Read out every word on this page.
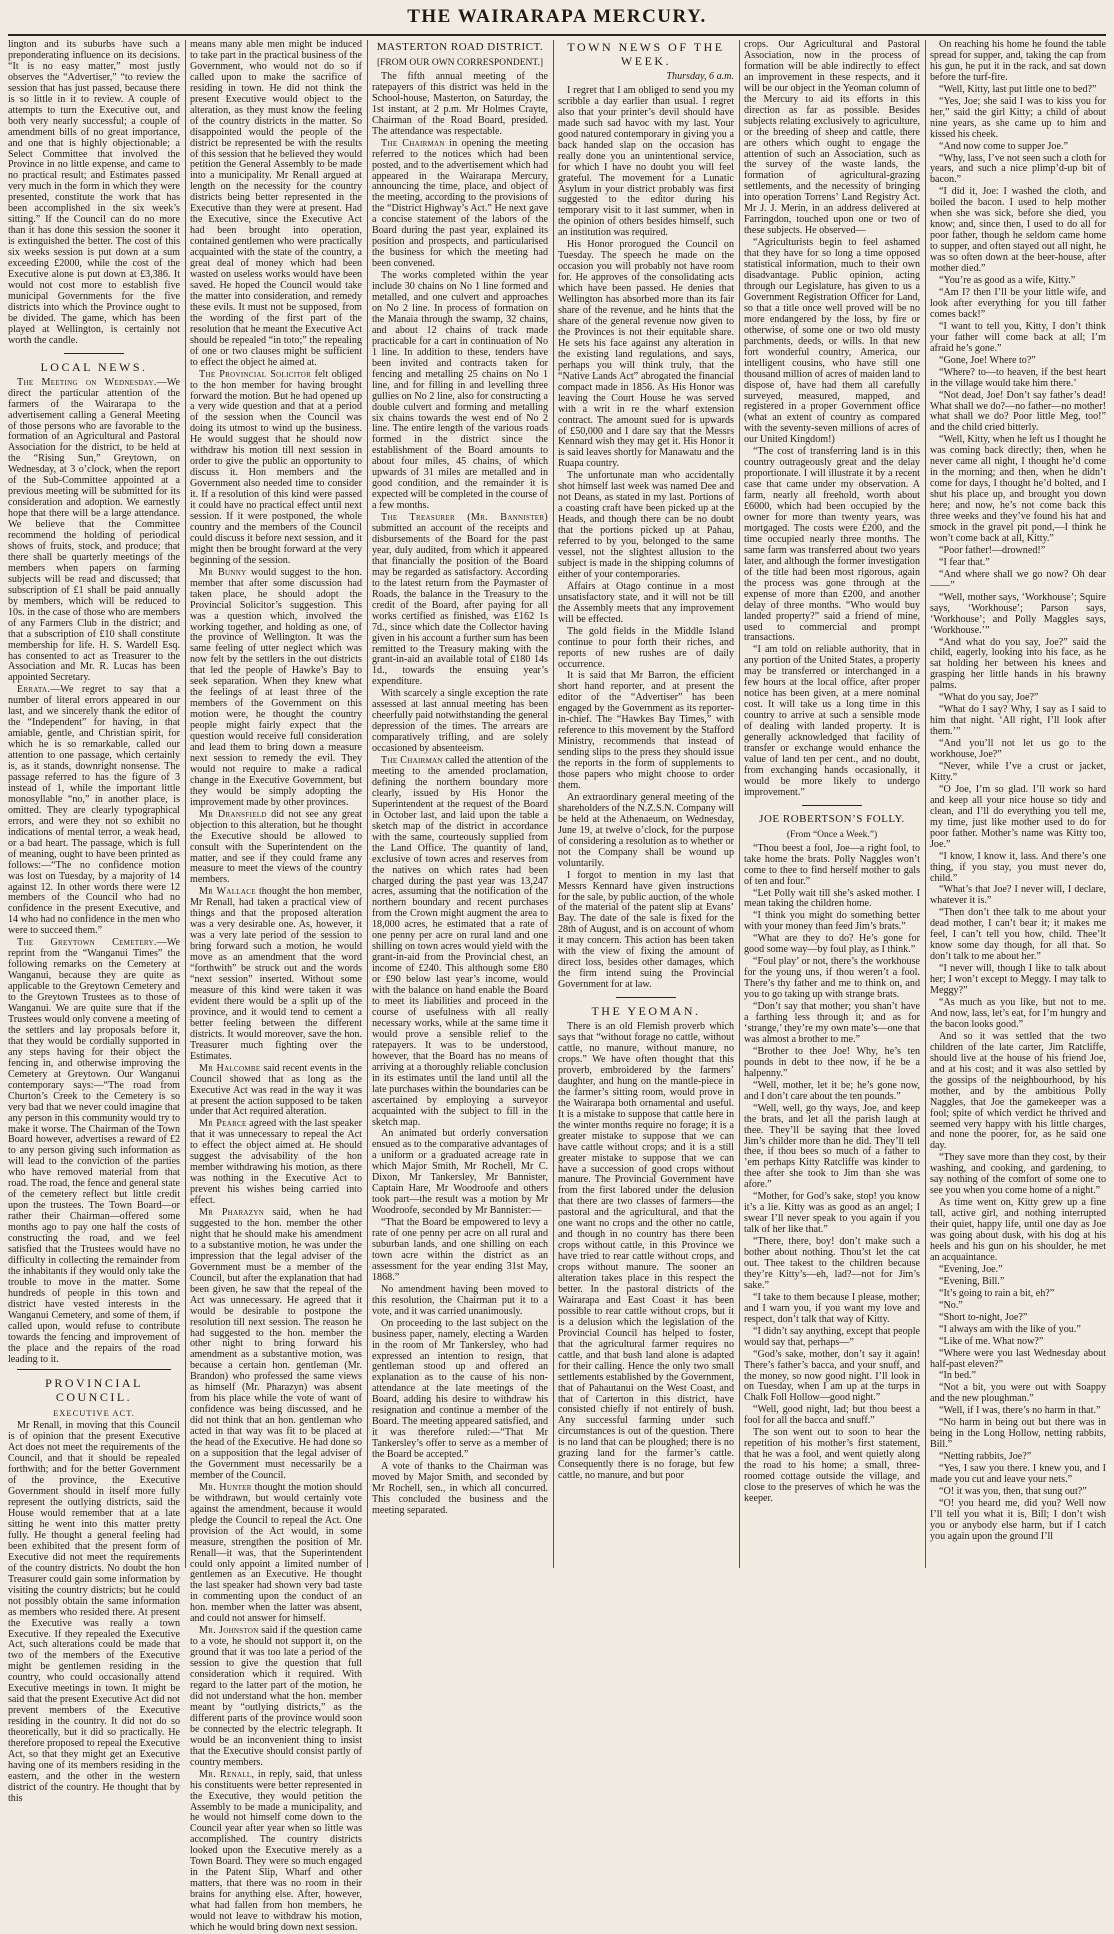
THE WAIRARAPA MERCURY.

lington and its suburbs have such a preponderating influence on its decisions. “It is no easy matter,” most justly observes the “Advertiser,” “to review the session that has just passed, because there is so little in it to review. A couple of attempts to turn the Executive out, and both very nearly successful; a couple of amendment bills of no great importance, and one that is highly objectionable; a Select Committee that involved the Province in no little expense, and came to no practical result; and Estimates passed very much in the form in which they were presented, constitute the work that has been accomplished in the six week’s sitting.” If the Council can do no more than it has done this session the sooner it is extinguished the better. The cost of this six weeks session is put down at a sum exceeding £2000, while the cost of the Executive alone is put down at £3,386. It would not cost more to establish five municipal Governments for the five districts into which the Province ought to be divided. The game, which has been played at Wellington, is certainly not worth the candle.

LOCAL NEWS.

The Meeting on Wednesday.—We direct the particular attention of the farmers of the Wairarapa to the advertisement calling a General Meeting of those persons who are favorable to the formation of an Agricultural and Pastoral Association for the district, to be held at the “Rising Sun,” Greytown, on Wednesday, at 3 o’clock, when the report of the Sub-Committee appointed at a previous meeting will be submitted for its consideration and adoption. We earnestly hope that there will be a large attendance. We believe that the Committee recommend the holding of periodical shows of fruits, stock, and produce; that there shall be quarterly meetings of the members when papers on farming subjects will be read and discussed; that subscription of £1 shall be paid annually by members, which will be reduced to 10s. in the case of those who are members of any Farmers Club in the district; and that a subscription of £10 shall constitute membership for life. H. S. Wardell Esq. has consented to act as Treasurer to the Association and Mr. R. Lucas has been appointed Secretary.

Errata.—We regret to say that a number of literal errors appeared in our last, and we sincerely thank the editor of the “Independent” for having, in that amiable, gentle, and Christian spirit, for which he is so remarkable, called our attention to one passage, which certainly is, as it stands, downright nonsense. The passage referred to has the figure of 3 instead of 1, while the important little monosyllable “no,” in another place, is omitted. They are clearly typographical errors, and were they not so exhibit no indications of mental terror, a weak head, or a bad heart. The passage, which is full of meaning, ought to have been printed as follows:—“The no confidence motion was lost on Tuesday, by a majority of 14 against 12. In other words there were 12 members of the Council who had no confidence in the present Executive, and 14 who had no confidence in the men who were to succeed them.”

The Greytown Cemetery.—We reprint from the “Wanganui Times” the following remarks on the Cemetery at Wanganui, because they are quite as applicable to the Greytown Cemetery and to the Greytown Trustees as to those of Wanganui. We are quite sure that if the Trustees would only convene a meeting of the settlers and lay proposals before it, that they would be cordially supported in any steps having for their object the fencing in, and otherwise improving the Cemetery at Greytown. Our Wanganui contemporary says:—“The road from Churton’s Creek to the Cemetery is so very bad that we never could imagine that any person in this community would try to make it worse. The Chairman of the Town Board however, advertises a reward of £2 to any person giving such information as will lead to the conviction of the parties who have removed material from that road. The road, the fence and general state of the cemetery reflect but little credit upon the trustees. The Town Board—or rather their Chairman—offered some months ago to pay one half the costs of constructing the road, and we feel satisfied that the Trustees would have no difficulty in collecting the remainder from the inhabitants if they would only take the trouble to move in the matter. Some hundreds of people in this town and district have vested interests in the Wanganui Cemetery, and some of them, if called upon, would refuse to contribute towards the fencing and improvement of the place and the repairs of the road leading to it.

PROVINCIAL COUNCIL.
EXECUTIVE ACT.

Mr Renall, in moving that this Council is of opinion that the present Executive Act does not meet the requirements of the Council, and that it should be repealed forthwith; and for the better Government of the province, the Executive Government should in itself more fully represent the outlying districts, said the House would remember that at a late sitting he went into this matter pretty fully. He thought a general feeling had been exhibited that the present form of Executive did not meet the requirements of the country districts. No doubt the hon Treasurer could gain some information by visiting the country districts; but he could not possibly obtain the same information as members who resided there. At present the Executive was really a town Executive. If they repealed the Executive Act, such alterations could be made that two of the members of the Executive might be gentlemen residing in the country, who could occasionally attend Executive meetings in town. It might be said that the present Executive Act did not prevent members of the Executive residing in the country. It did not do so theoretically, but it did so practically. He therefore proposed to repeal the Executive Act, so that they might get an Executive having one of its members residing in the eastern, and the other in the western district of the country. He thought that by this

means many able men might be induced to take part in the practical business of the Government, who would not do so if called upon to make the sacrifice of residing in town. He did not think the present Executive would object to the alteration, as they must know the feeling of the country districts in the matter. So disappointed would the people of the district be represented be with the results of this session that he believed they would petition the General Assembly to be made into a municipality. Mr Renall argued at length on the necessity for the country districts being better represented in the Executive than they were at present. Had the Executive, since the Executive Act had been brought into operation, contained gentlemen who were practically acquainted with the state of the country, a great deal of money which had been wasted on useless works would have been saved. He hoped the Council would take the matter into consideration, and remedy these evils. It must not be supposed, from the wording of the first part of the resolution that he meant the Executive Act should be repealed “in toto;” the repealing of one or two clauses might be sufficient to effect the object he aimed at.

The Provincial Solicitor felt obliged to the hon member for having brought forward the motion. But he had opened up a very wide question and that at a period of the session when the Council was doing its utmost to wind up the business. He would suggest that he should now withdraw his motion till next session in order to give the public an opportunity to discuss it. Hon members and the Government also needed time to consider it. If a resolution of this kind were passed it could have no practical effect until next session. If it were postponed, the whole country and the members of the Council could discuss it before next session, and it might then be brought forward at the very beginning of the session.

Mr Bunny would suggest to the hon. member that after some discussion had taken place, he should adopt the Provincial Solicitor’s suggestion. This was a question which, involved the working together, and holding as one, of the province of Wellington. It was the same feeling of utter neglect which was now felt by the settlers in the out districts that led the people of Hawke’s Bay to seek separation. When they knew what the feelings of at least three of the members of the Government on this motion were, he thought the country people might fairly expect that the question would receive full consideration and lead them to bring down a measure next session to remedy the evil. They would not require to make a radical change in the Executive Government, but they would be simply adopting the improvement made by other provinces.

Mr Dransfield did not see any great objection to this alteration, but he thought the Executive should be allowed to consult with the Superintendent on the matter, and see if they could frame any measure to meet the views of the country members.

Mr Wallace thought the hon member, Mr Renall, had taken a practical view of things and that the proposed alteration was a very desirable one. As, however, it was a very late period of the session to bring forward such a motion, he would move as an amendment that the word “forthwith” be struck out and the words “next session” inserted. Without some measure of this kind were taken it was evident there would be a split up of the province, and it would tend to cement a better feeling between the different districts. It would moreover, save the hon. Treasurer much fighting over the Estimates.

Mr Halcombe said recent events in the Council showed that as long as the Executive Act was read in the way it was at present the action supposed to be taken under that Act required alteration.

Mr Pearce agreed with the last speaker that it was unnecessary to repeal the Act to effect the object aimed at. He should suggest the advisability of the hon member withdrawing his motion, as there was nothing in the Executive Act to prevent his wishes being carried into effect.

Mr Pharazyn said, when he had suggested to the hon. member the other night that he should make his amendment to a substantive motion, he was under the impression that the legal adviser of the Government must be a member of the Council, but after the explanation that had been given, he saw that the repeal of the Act was unnecessary. He agreed that it would be desirable to postpone the resolution till next session. The reason he had suggested to the hon. member the other night to bring forward his amendment as a substantive motion, was because a certain hon. gentleman (Mr. Brandon) who professed the same views as himself (Mr. Pharazyn) was absent from his place while the vote of want of confidence was being discussed, and he did not think that an hon. gentleman who acted in that way was fit to be placed at the head of the Executive. He had done so on a supposition that the legal adviser of the Government must necessarily be a member of the Council.

Mr. Hunter thought the motion should be withdrawn, but would certainly vote against the amendment, because it would pledge the Council to repeal the Act. One provision of the Act would, in some measure, strengthen the position of Mr. Renall—it was, that the Superintendent could only appoint a limited number of gentlemen as an Executive. He thought the last speaker had shown very bad taste in commenting upon the conduct of an hon. member when the latter was absent, and could not answer for himself.

Mr. Johnston said if the question came to a vote, he should not support it, on the ground that it was too late a period of the session to give the question that full consideration which it required. With regard to the latter part of the motion, he did not understand what the hon. member meant by “outlying districts,” as the different parts of the province would soon be connected by the electric telegraph. It would be an inconvenient thing to insist that the Executive should consist partly of country members.

Mr. Renall, in reply, said, that unless his constituents were better represented in the Executive, they would petition the Assembly to be made a municipality, and he would not himself come down to the Council year after year when so little was accomplished. The country districts looked upon the Executive merely as a Town Board. They were so much engaged in the Patent Slip, Wharf and other matters, that there was no room in their brains for anything else. After, however, what had fallen from hon members, he would not leave to withdraw his motion, which he would bring down next session.

MASTERTON ROAD DISTRICT.
[FROM OUR OWN CORRESPONDENT.]

The fifth annual meeting of the ratepayers of this district was held in the School-house, Masterton, on Saturday, the 1st instant, at 2 p.m. Mr Holmes Crayte, Chairman of the Road Board, presided. The attendance was respectable.

The Chairman in opening the meeting referred to the notices which had been posted, and to the advertisement which had appeared in the Wairarapa Mercury, announcing the time, place, and object of the meeting, according to the provisions of the “District Highway’s Act.” He next gave a concise statement of the labors of the Board during the past year, explained its position and prospects, and particularised the business for which the meeting had been convened.

The works completed within the year include 30 chains on No 1 line formed and metalled, and one culvert and approaches on No 2 line. In process of formation on the Manaia through the swamp, 32 chains, and about 12 chains of track made practicable for a cart in continuation of No 1 line. In addition to these, tenders have been invited and contracts taken for fencing and metalling 25 chains on No 1 line, and for filling in and levelling three gullies on No 2 line, also for constructing a double culvert and forming and metalling six chains towards the west end of No 2 line. The entire length of the various roads formed in the district since the establishment of the Board amounts to about four miles, 45 chains, of which upwards of 31 miles are metalled and in good condition, and the remainder it is expected will be completed in the course of a few months.

The Treasurer (Mr. Bannister) submitted an account of the receipts and disbursements of the Board for the past year, duly audited, from which it appeared that financially the position of the Board may be regarded as satisfactory. According to the latest return from the Paymaster of Roads, the balance in the Treasury to the credit of the Board, after paying for all works certified as finished, was £162 1s 7d., since which date the Collector having given in his account a further sum has been remitted to the Treasury making with the grant-in-aid an available total of £180 14s 1d., towards the ensuing year’s expenditure.

With scarcely a single exception the rate assessed at last annual meeting has been cheerfully paid notwithstanding the general depression of the times. The arrears are comparatively trifling, and are solely occasioned by absenteeism.

The Chairman called the attention of the meeting to the amended proclamation, defining the northern boundary more clearly, issued by His Honor the Superintendent at the request of the Board in October last, and laid upon the table a sketch map of the district in accordance with the same, courteously supplied from the Land Office. The quantity of land, exclusive of town acres and reserves from the natives on which rates had been charged during the past year was 13,247 acres, assuming that the notification of the northern boundary and recent purchases from the Crown might augment the area to 18,000 acres, he estimated that a rate of one penny per acre on rural land and one shilling on town acres would yield with the grant-in-aid from the Provincial chest, an income of £240. This although some £80 or £90 below last year’s income, would with the balance on hand enable the Board to meet its liabilities and proceed in the course of usefulness with all really necessary works, while at the same time it would prove a sensible relief to the ratepayers. It was to be understood, however, that the Board has no means of arriving at a thoroughly reliable conclusion in its estimates until the land until all the late purchases within the boundaries can be ascertained by employing a surveyor acquainted with the subject to fill in the sketch map.

An animated but orderly conversation ensued as to the comparative advantages of a uniform or a graduated acreage rate in which Major Smith, Mr Rochell, Mr C. Dixon, Mr Tankersley, Mr Bannister, Captain Hare, Mr Woodroofe and others took part—the result was a motion by Mr Woodroofe, seconded by Mr Bannister:—

“That the Board be empowered to levy a rate of one penny per acre on all rural and suburban lands, and one shilling on each town acre within the district as an assessment for the year ending 31st May, 1868.”

No amendment having been moved to this resolution, the Chairman put it to a vote, and it was carried unanimously.

On proceeding to the last subject on the business paper, namely, electing a Warden in the room of Mr Tankersley, who had expressed an intention to resign, that gentleman stood up and offered an explanation as to the cause of his non-attendance at the late meetings of the Board, adding his desire to withdraw his resignation and continue a member of the Board. The meeting appeared satisfied, and it was therefore ruled:—“That Mr Tankersley’s offer to serve as a member of the Board be accepted.”

A vote of thanks to the Chairman was moved by Major Smith, and seconded by Mr Rochell, sen., in which all concurred. This concluded the business and the meeting separated.

TOWN NEWS OF THE WEEK.
Thursday, 6 a.m.

I regret that I am obliged to send you my scribble a day earlier than usual. I regret also that your printer’s devil should have made such sad havoc with my last. Your good natured contemporary in giving you a back handed slap on the occasion has really done you an unintentional service, for which I have no doubt you will feel grateful. The movement for a Lunatic Asylum in your district probably was first suggested to the editor during his temporary visit to it last summer, when in the opinion of others besides himself, such an institution was required.

His Honor prorogued the Council on Tuesday. The speech he made on the occasion you will probably not have room for. He approves of the consolidating acts which have been passed. He denies that Wellington has absorbed more than its fair share of the revenue, and he hints that the share of the general revenue now given to the Provinces is not their equitable share. He sets his face against any alteration in the existing land regulations, and says, perhaps you will think truly, that the “Native Lands Act” abrogated the financial compact made in 1856. As His Honor was leaving the Court House he was served with a writ in re the wharf extension contract. The amount sued for is upwards of £50,000 and I dare say that the Messrs Kennard wish they may get it. His Honor it is said leaves shortly for Manawatu and the Ruapa country.

The unfortunate man who accidentally shot himself last week was named Dee and not Deans, as stated in my last. Portions of a coasting craft have been picked up at the Heads, and though there can be no doubt that the portions picked up at Pahau, referred to by you, belonged to the same vessel, not the slightest allusion to the subject is made in the shipping columns of either of your contemporaries.

Affairs at Otago continue in a most unsatisfactory state, and it will not be till the Assembly meets that any improvement will be effected.

The gold fields in the Middle Island continue to pour forth their riches, and reports of new rushes are of daily occurrence.

It is said that Mr Barron, the efficient short hand reporter, and at present the editor of the “Advertiser” has been engaged by the Government as its reporter-in-chief. The “Hawkes Bay Times,” with reference to this movement by the Stafford Ministry, recommends that instead of sending slips to the press they should issue the reports in the form of supplements to those papers who might choose to order them.

An extraordinary general meeting of the shareholders of the N.Z.S.N. Company will be held at the Athenaeum, on Wednesday, June 19, at twelve o’clock, for the purpose of considering a resolution as to whether or not the Company shall be wound up voluntarily.

I forgot to mention in my last that Messrs Kennard have given instructions for the sale, by public auction, of the whole of the material of the patent slip at Evans’ Bay. The date of the sale is fixed for the 28th of August, and is on account of whom it may concern. This action has been taken with the view of fixing the amount of direct loss, besides other damages, which the firm intend suing the Provincial Government for at law.

THE YEOMAN.

There is an old Flemish proverb which says that “without forage no cattle, without cattle, no manure, without manure, no crops.” We have often thought that this proverb, embroidered by the farmers’ daughter, and hung on the mantle-piece in the farmer’s sitting room, would prove in the Wairarapa both ornamental and useful. It is a mistake to suppose that cattle here in the winter months require no forage; it is a greater mistake to suppose that we can have cattle without crops; and it is a still greater mistake to suppose that we can have a succession of good crops without manure. The Provincial Government have from the first labored under the delusion that there are two classes of farmers—the pastoral and the agricultural, and that the one want no crops and the other no cattle, and though in no country has there been crops without cattle, in this Province we have tried to rear cattle without crops, and crops without manure. The sooner an alteration takes place in this respect the better. In the pastoral districts of the Wairarapa and East Coast it has been possible to rear cattle without crops, but it is a delusion which the legislation of the Provincial Council has helped to foster, that the agricultural farmer requires no cattle, and that bush land alone is adapted for their calling. Hence the only two small settlements established by the Government, that of Pahautanui on the West Coast, and that of Carterton in this district, have consisted chiefly if not entirely of bush. Any successful farming under such circumstances is out of the question. There is no land that can be ploughed; there is no grazing land for the farmer’s cattle. Consequently there is no forage, but few cattle, no manure, and but poor

crops. Our Agricultural and Pastoral Association, now in the process of formation will be able indirectly to effect an improvement in these respects, and it will be our object in the Yeoman column of the Mercury to aid its efforts in this direction as far as possible. Besides subjects relating exclusively to agriculture, or the breeding of sheep and cattle, there are others which ought to engage the attention of such an Association, such as the survey of the waste lands, the formation of agricultural-grazing settlements, and the necessity of bringing into operation Torrens’ Land Registry Act. Mr J. J. Merin, in an address delivered at Farringdon, touched upon one or two of these subjects. He observed—

“Agriculturists begin to feel ashamed that they have for so long a time opposed statistical information, much to their own disadvantage. Public opinion, acting through our Legislature, has given to us a Government Registration Officer for Land, so that a title once well proved will be no more endangered by the loss, by fire or otherwise, of some one or two old musty parchments, deeds, or wills. In that new fort wonderful country, America, our intelligent cousins, who have still one thousand million of acres of maiden land to dispose of, have had them all carefully surveyed, measured, mapped, and registered in a proper Government office (what an extent of country as compared with the seventy-seven millions of acres of our United Kingdom!)

“The cost of transferring land is in this country outrageously great and the delay proportionate. I will illustrate it by a recent case that came under my observation. A farm, nearly all freehold, worth about £6000, which had been occupied by the owner for more than twenty years, was mortgaged. The costs were £200, and the time occupied nearly three months. The same farm was transferred about two years later, and although the former investigation of the title had been most rigorous, again the process was gone through at the expense of more than £200, and another delay of three months. “Who would buy landed property?” said a friend of mine, used to commercial and prompt transactions.

“I am told on reliable authority, that in any portion of the United States, a property may be transferred or interchanged in a few hours at the local office, after proper notice has been given, at a mere nominal cost. It will take us a long time in this country to arrive at such a sensible mode of dealing with landed property. It is generally acknowledged that facility of transfer or exchange would enhance the value of land ten per cent., and no doubt, from exchanging hands occasionally, it would be more likely to undergo improvement.”

JOE ROBERTSON’S FOLLY.
(From “Once a Week.”)

“Thou beest a fool, Joe—a right fool, to take home the brats. Polly Naggles won’t come to thee to find herself mother to gals of ten and four.”

“Let Polly wait till she’s asked mother. I mean taking the children home.

“I think you might do something better with your money than feed Jim’s brats.”

“What are they to do? He’s gone for good some way—by foul play, as I think.”

“Foul play’ or not, there’s the workhouse for the young uns, if thou weren’t a fool. There’s thy father and me to think on, and you to go taking up with strange brats.

“Don’t say that mother; you shan’t have a farthing less through it; and as for ‘strange,’ they’re my own mate’s—one that was almost a brother to me.”

“Brother to thee Joe! Why, he’s ten pounds in debt to thee now, if he be a halpenny.”

“Well, mother, let it be; he’s gone now, and I don’t care about the ten pounds.”

“Well, well, go thy ways, Joe, and keep the brats, and let all the parish laugh at thee. They’ll be saying that thee loved Jim’s childer more than he did. They’ll tell thee, if thou bees so much of a father to ’em perhaps Kitty Ratcliffe was kinder to thee after she took to Jim than she was afore.”

“Mother, for God’s sake, stop! you know it’s a lie. Kitty was as good as an angel; I swear I’ll never speak to you again if you talk of her like that.”

“There, there, boy! don’t make such a bother about nothing. Thou’st let the cat out. Thee takest to the children because they’re Kitty’s—eh, lad?—not for Jim’s sake.”

“I take to them because I please, mother; and I warn you, if you want my love and respect, don’t talk that way of Kitty.

“I didn’t say anything, except that people would say that, perhaps—”

“God’s sake, mother, don’t say it again! There’s father’s bacca, and your snuff, and the money, so now good night. I’ll look in on Tuesday, when I am up at the turps in Chalk Foll Hollow—good night.”

“Well, good night, lad; but thou beest a fool for all the bacca and snuff.”

The son went out to soon to hear the repetition of his mother’s first statement, that he was a fool, and went quietly along the road to his home; a small, three-roomed cottage outside the village, and close to the preserves of which he was the keeper.

On reaching his home he found the table spread for supper, and, taking the cap from his gun, he put it in the rack, and sat down before the turf-fire.

“Well, Kitty, last put little one to bed?”

“Yes, Joe; she said I was to kiss you for her,” said the girl Kitty; a child of about nine years, as she came up to him and kissed his cheek.

“And now come to supper Joe.”

“Why, lass, I’ve not seen such a cloth for years, and such a nice plimp’d-up bit of bacon.”

“I did it, Joe: I washed the cloth, and boiled the bacon. I used to help mother when she was sick, before she died, you know; and, since then, I used to do all for poor father, though he seldom came home to supper, and often stayed out all night, he was so often down at the beer-house, after mother died.”

“You’re as good as a wife, Kitty.”

“Am I? then I’ll be your little wife, and look after everything for you till father comes back!”

“I want to tell you, Kitty, I don’t think your father will come back at all; I’m afraid he’s gone.”

“Gone, Joe! Where to?”

“Where? to—to heaven, if the best heart in the village would take him there.’

“Not dead, Joe! Don’t say father’s dead! What shall we do?—no father—no mother! what shall we do? Poor little Meg, too!” and the child cried bitterly.

“Well, Kitty, when he left us I thought he was coming back directly; then, when he never came all night, I thought he’d come in the morning; and then, when he didn’t come for days, I thought he’d bolted, and I shut his place up, and brought you down here; and now, he’s not come back this three weeks and they’ve found his hat and smock in the gravel pit pond,—I think he won’t come back at all, Kitty.”

“Poor father!—drowned!”

“I fear that.”

“And where shall we go now? Oh dear——”

“Well, mother says, ‘Workhouse’; Squire says, ‘Workhouse’; Parson says, ‘Workhouse’; and Polly Maggles says, ‘Workhouse.’”

“And what do you say, Joe?” said the child, eagerly, looking into his face, as he sat holding her between his knees and grasping her little hands in his brawny palms.

“What do you say, Joe?”

“What do I say? Why, I say as I said to him that night. ‘All right, I’ll look after them.’”

“And you’ll not let us go to the workhouse, Joe?”

“Never, while I’ve a crust or jacket, Kitty.”

“O Joe, I’m so glad. I’ll work so hard and keep all your nice house so tidy and clean, and I’ll do everything you tell me, my time, just like mother used to do for poor father. Mother’s name was Kitty too, Joe.”

“I know, I know it, lass. And there’s one thing, if you stay, you must never do, child.”

“What’s that Joe? I never will, I declare, whatever it is.”

“Then don’t thee talk to me about your dead mother, I can’t bear it; it makes me feel, I can’t tell you how, child. Thee’lt know some day though, for all that. So don’t talk to me about her.”

“I never will, though I like to talk about her; I won’t except to Meggy. I may talk to Meggy?”

“As much as you like, but not to me. And now, lass, let’s eat, for I’m hungry and the bacon looks good.”

And so it was settled that the two children of the late carter, Jim Ratcliffe, should live at the house of his friend Joe, and at his cost; and it was also settled by the gossips of the neighbourhood, by his mother, and by the ambitious Polly Naggles, that Joe the gamekeeper was a fool; spite of which verdict he thrived and seemed very happy with his little charges, and none the poorer, for, as he said one day.

“They save more than they cost, by their washing, and cooking, and gardening, to say nothing of the comfort of some one to see you when you come home of a night.”

As time went on, Kitty grew up a fine tall, active girl, and nothing interrupted their quiet, happy life, until one day as Joe was going about dusk, with his dog at his heels and his gun on his shoulder, he met an acquaintance.

“Evening, Joe.”

“Evening, Bill.”

“It’s going to rain a bit, eh?”

“No.”

“Short to-night, Joe?”

“I always am with the like of you.”

“Like of me. What now?”

“Where were you last Wednesday about half-past eleven?”

“In bed.”

“Not a bit, you were out with Soappy and the new ploughman.”

“Well, if I was, there’s no harm in that.”

“No harm in being out but there was in being in the Long Hollow, netting rabbits, Bill.”

“Netting rabbits, Joe?”

“Yes, I saw you there. I knew you, and I made you cut and leave your nets.”

“O! it was you, then, that sung out?”

“O! you heard me, did you? Well now I’ll tell you what it is, Bill; I don’t wish you or anybody else harm, but if I catch you again upon the ground I’ll
